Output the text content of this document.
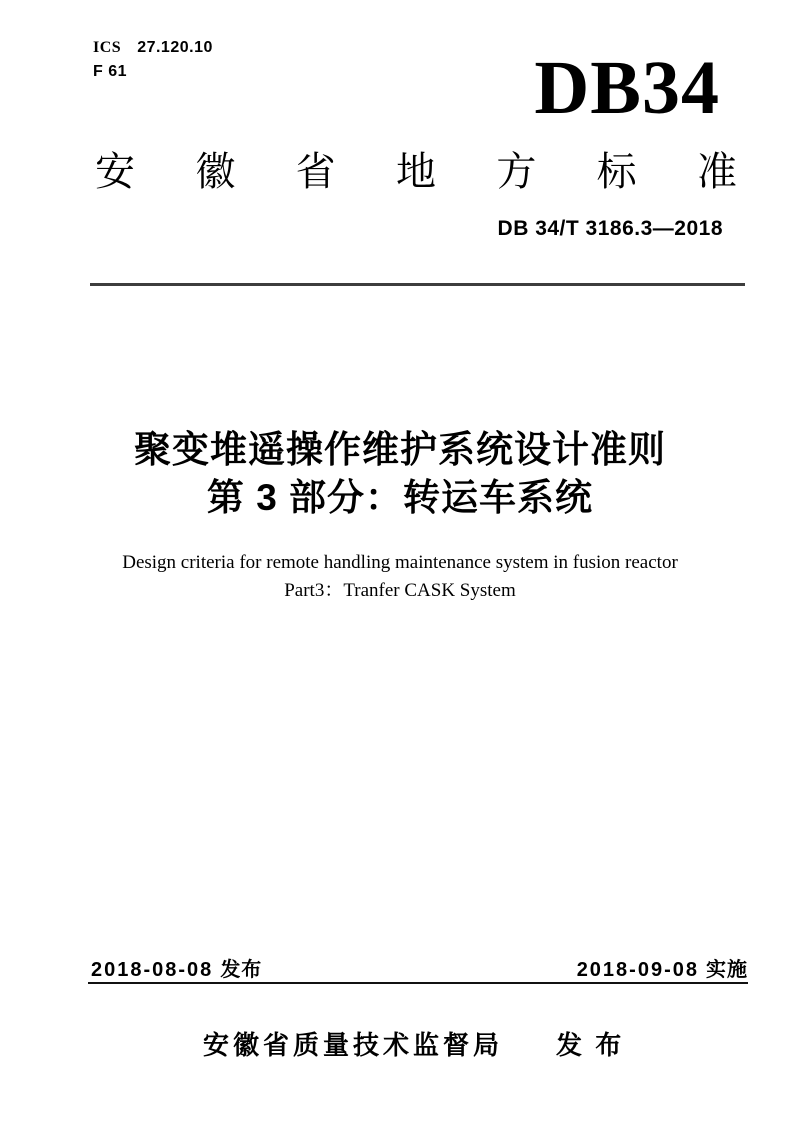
ICS 27.120.10
F 61	DB34
安 徽 省 地 方 标 准
DB 34/T 3186.3—2018
聚变堆遥操作维护系统设计准则
第 3 部分：转运车系统
Design criteria for remote handling maintenance system in fusion reactor
Part3：Tranfer CASK System
2018-08-08 发布	2018-09-08 实施
安徽省质量技术监督局 发 布
